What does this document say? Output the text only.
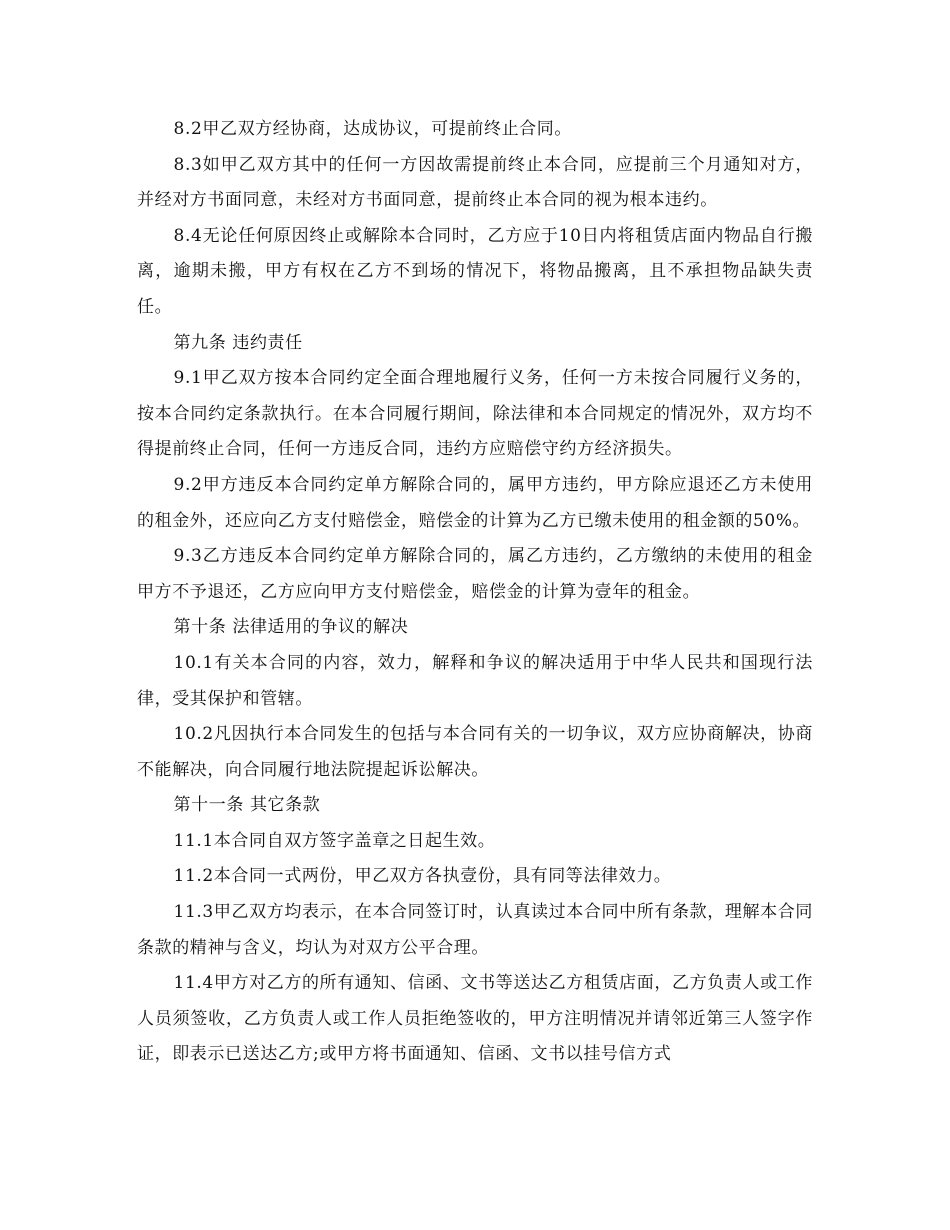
8.2甲乙双方经协商，达成协议，可提前终止合同。

8.3如甲乙双方其中的任何一方因故需提前终止本合同，应提前三个月通知对方，并经对方书面同意，未经对方书面同意，提前终止本合同的视为根本违约。

8.4无论任何原因终止或解除本合同时，乙方应于10日内将租赁店面内物品自行搬离，逾期未搬，甲方有权在乙方不到场的情况下，将物品搬离，且不承担物品缺失责任。

第九条 违约责任

9.1甲乙双方按本合同约定全面合理地履行义务，任何一方未按合同履行义务的，按本合同约定条款执行。在本合同履行期间，除法律和本合同规定的情况外，双方均不得提前终止合同，任何一方违反合同，违约方应赔偿守约方经济损失。

9.2甲方违反本合同约定单方解除合同的，属甲方违约，甲方除应退还乙方未使用的租金外，还应向乙方支付赔偿金，赔偿金的计算为乙方已缴未使用的租金额的50%。

9.3乙方违反本合同约定单方解除合同的，属乙方违约，乙方缴纳的未使用的租金甲方不予退还，乙方应向甲方支付赔偿金，赔偿金的计算为壹年的租金。

第十条 法律适用的争议的解决

10.1有关本合同的内容，效力，解释和争议的解决适用于中华人民共和国现行法律，受其保护和管辖。

10.2凡因执行本合同发生的包括与本合同有关的一切争议，双方应协商解决，协商不能解决，向合同履行地法院提起诉讼解决。

第十一条 其它条款

11.1本合同自双方签字盖章之日起生效。

11.2本合同一式两份，甲乙双方各执壹份，具有同等法律效力。

11.3甲乙双方均表示，在本合同签订时，认真读过本合同中所有条款，理解本合同条款的精神与含义，均认为对双方公平合理。

11.4甲方对乙方的所有通知、信函、文书等送达乙方租赁店面，乙方负责人或工作人员须签收，乙方负责人或工作人员拒绝签收的，甲方注明情况并请邻近第三人签字作证，即表示已送达乙方;或甲方将书面通知、信函、文书以挂号信方式
